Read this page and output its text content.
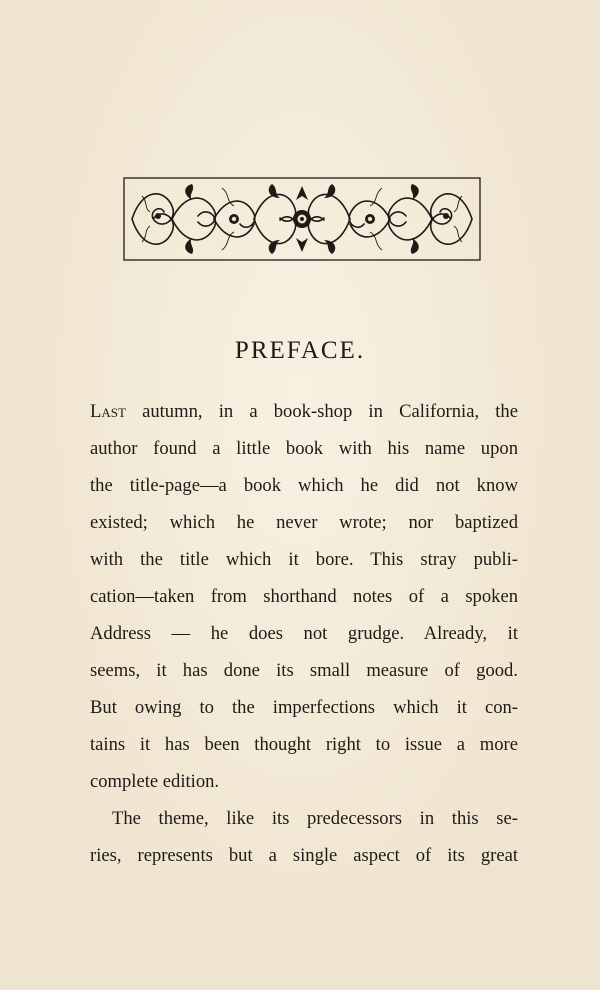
PREFACE.

Last autumn, in a book-shop in California, the
author found a little book with his name upon
the title-page—a book which he did not know
existed; which he never wrote; nor baptized
with the title which it bore. This stray publi-
cation—taken from shorthand notes of a spoken
Address — he does not grudge. Already, it
seems, it has done its small measure of good.
But owing to the imperfections which it con-
tains it has been thought right to issue a more
complete edition.

The theme, like its predecessors in this se-
ries, represents but a single aspect of its great
